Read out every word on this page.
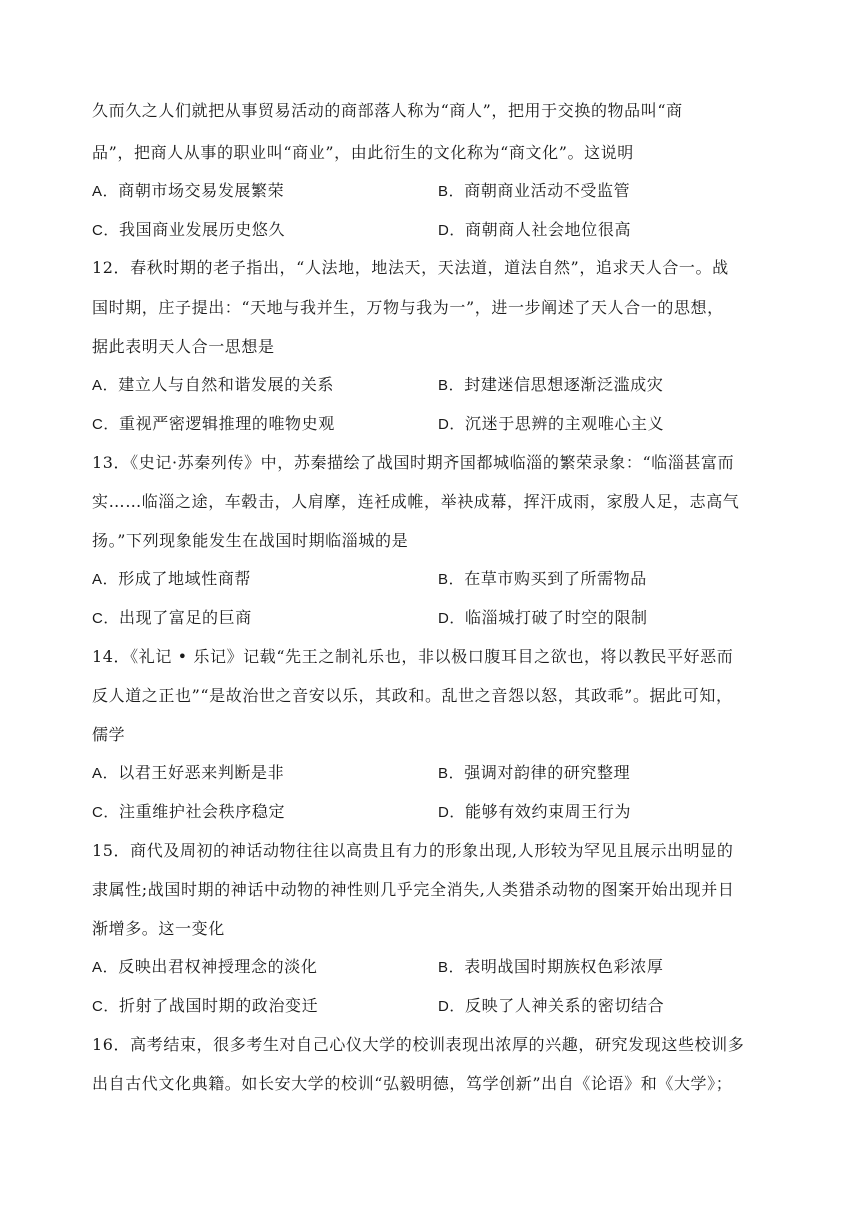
久而久之人们就把从事贸易活动的商部落人称为“商人”，把用于交换的物品叫“商
品”，把商人从事的职业叫“商业”，由此衍生的文化称为“商文化”。这说明
A．商朝市场交易发展繁荣	B．商朝商业活动不受监管
C．我国商业发展历史悠久	D．商朝商人社会地位很高
12．春秋时期的老子指出，“人法地，地法天，天法道，道法自然”，追求天人合一。战
国时期，庄子提出：“天地与我并生，万物与我为一”，进一步阐述了天人合一的思想，
据此表明天人合一思想是
A．建立人与自然和谐发展的关系	B．封建迷信思想逐渐泛滥成灾
C．重视严密逻辑推理的唯物史观	D．沉迷于思辨的主观唯心主义
13．《史记·苏秦列传》中，苏秦描绘了战国时期齐国都城临淄的繁荣录象：“临淄甚富而
实……临淄之途，车毂击，人肩摩，连衽成帷，举袂成幕，挥汗成雨，家殷人足，志高气
扬。”下列现象能发生在战国时期临淄城的是
A．形成了地域性商帮	B．在草市购买到了所需物品
C．出现了富足的巨商	D．临淄城打破了时空的限制
14．《礼记 • 乐记》记载“先王之制礼乐也，非以极口腹耳目之欲也，将以教民平好恶而
反人道之正也”“是故治世之音安以乐，其政和。乱世之音怨以怒，其政乖”。据此可知，
儒学
A．以君王好恶来判断是非	B．强调对韵律的研究整理
C．注重维护社会秩序稳定	D．能够有效约束周王行为
15．商代及周初的神话动物往往以高贵且有力的形象出现,人形较为罕见且展示出明显的
隶属性;战国时期的神话中动物的神性则几乎完全消失,人类猎杀动物的图案开始出现并日
渐增多。这一变化
A．反映出君权神授理念的淡化	B．表明战国时期族权色彩浓厚
C．折射了战国时期的政治变迁	D．反映了人神关系的密切结合
16．高考结束，很多考生对自己心仪大学的校训表现出浓厚的兴趣，研究发现这些校训多
出自古代文化典籍。如长安大学的校训“弘毅明德，笃学创新”出自《论语》和《大学》；
